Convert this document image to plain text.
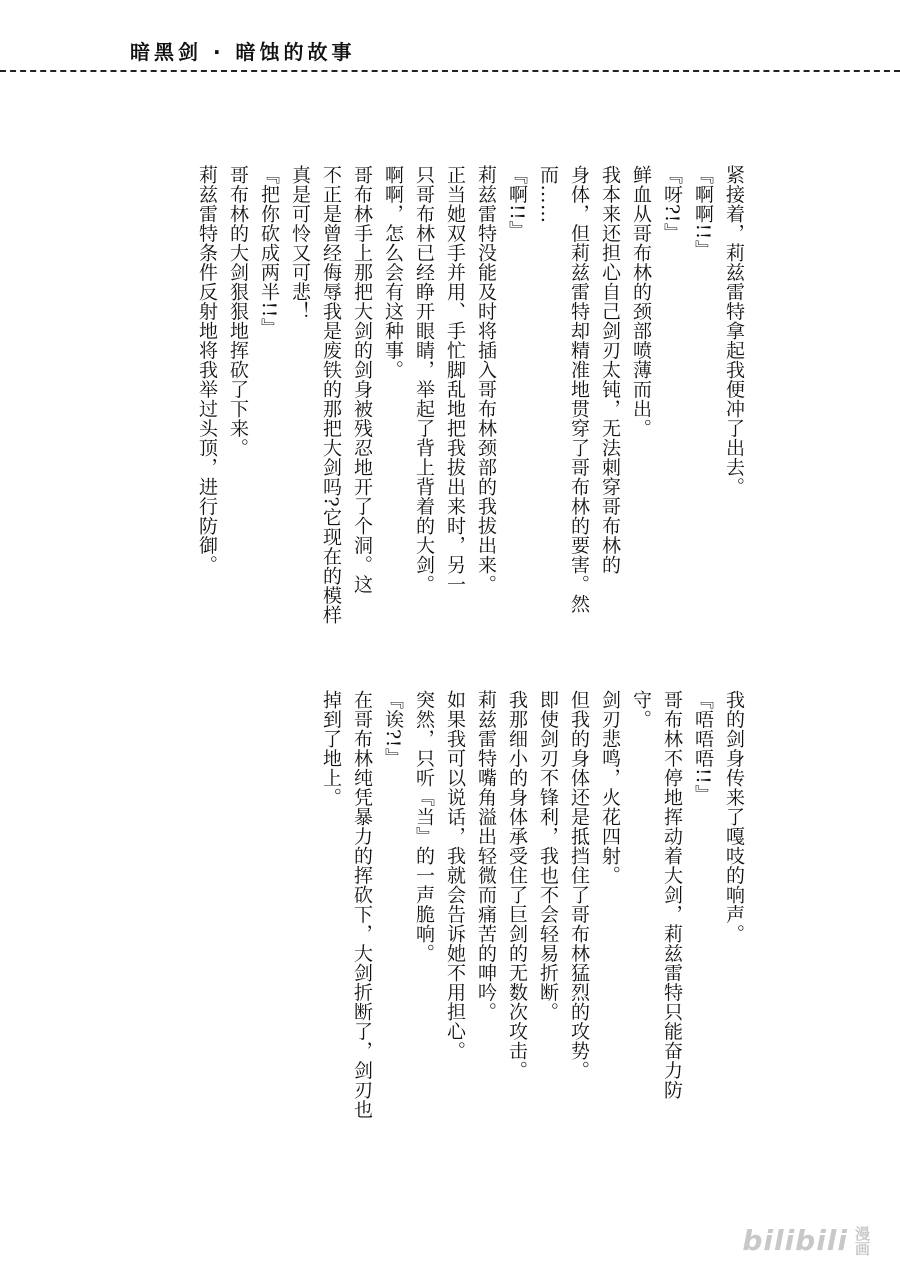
暗黑剑 · 暗蚀的故事
紧接着，莉兹雷特拿起我便冲了出去。
『啊啊!!』
『呀?!』
鲜血从哥布林的颈部喷薄而出。
我本来还担心自己剑刃太钝，无法刺穿哥布林的
身体，但莉兹雷特却精准地贯穿了哥布林的要害。然
而……
『啊!!』
莉兹雷特没能及时将插入哥布林颈部的我拔出来。
正当她双手并用、手忙脚乱地把我拔出来时，另一
只哥布林已经睁开眼睛，举起了背上背着的大剑。
啊啊，怎么会有这种事。
哥布林手上那把大剑的剑身被残忍地开了个洞。这
不正是曾经侮辱我是废铁的那把大剑吗?它现在的模样
真是可怜又可悲！
『把你砍成两半!!』
哥布林的大剑狠狠地挥砍了下来。
莉兹雷特条件反射地将我举过头顶，进行防御。
我的剑身传来了嘎吱的响声。
『唔唔唔!!』
哥布林不停地挥动着大剑，莉兹雷特只能奋力防
守。
剑刃悲鸣，火花四射。
但我的身体还是抵挡住了哥布林猛烈的攻势。
即使剑刃不锋利，我也不会轻易折断。
我那细小的身体承受住了巨剑的无数次攻击。
莉兹雷特嘴角溢出轻微而痛苦的呻吟。
如果我可以说话，我就会告诉她不用担心。
突然，只听『当』的一声脆响。
『诶?!』
在哥布林纯凭暴力的挥砍下，大剑折断了，剑刃也
掉到了地上。
bilibili 漫画
